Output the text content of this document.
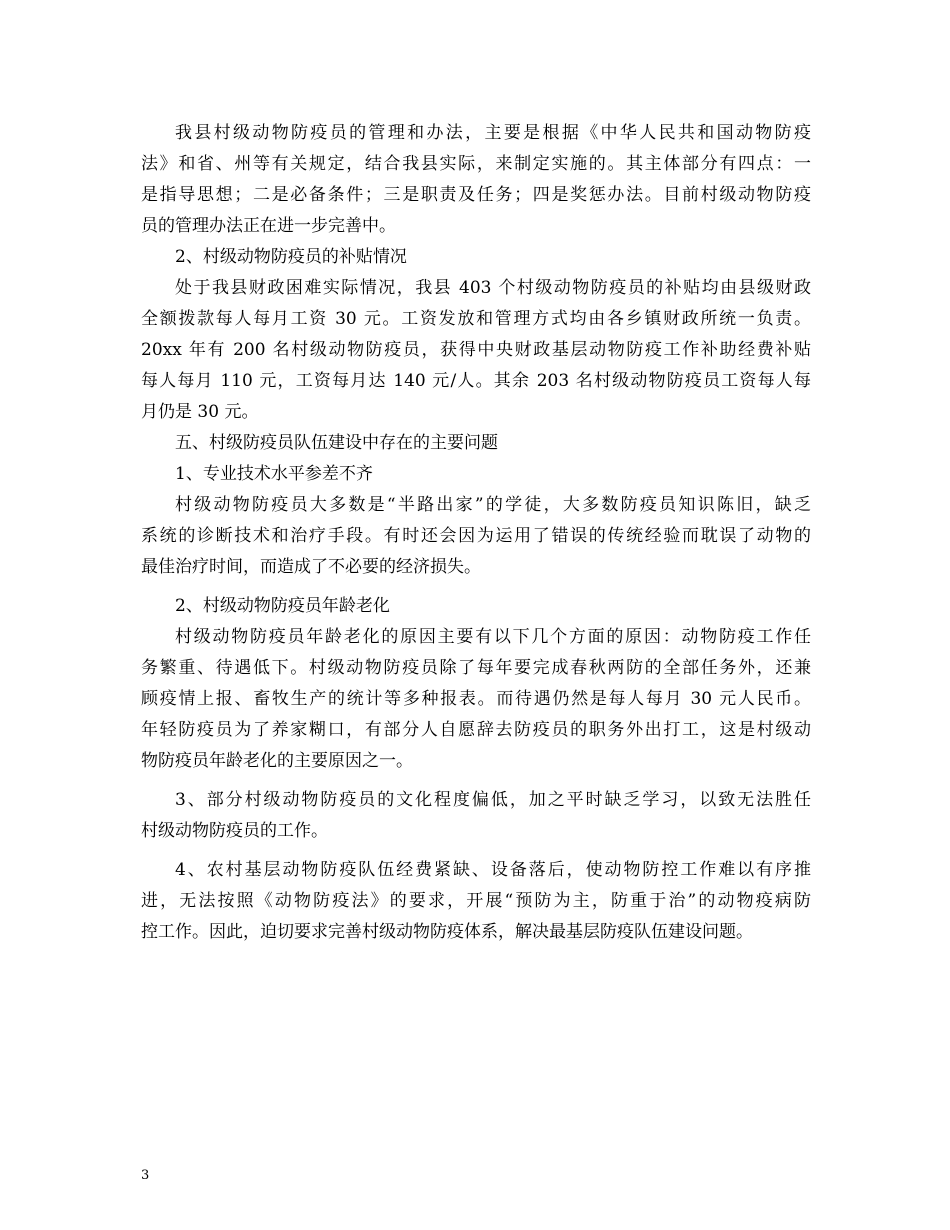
我县村级动物防疫员的管理和办法，主要是根据《中华人民共和国动物防疫
法》和省、州等有关规定，结合我县实际，来制定实施的。其主体部分有四点：一
是指导思想；二是必备条件；三是职责及任务；四是奖惩办法。目前村级动物防疫
员的管理办法正在进一步完善中。
2、村级动物防疫员的补贴情况
处于我县财政困难实际情况，我县 403 个村级动物防疫员的补贴均由县级财政
全额拨款每人每月工资 30 元。工资发放和管理方式均由各乡镇财政所统一负责。
20xx 年有 200 名村级动物防疫员，获得中央财政基层动物防疫工作补助经费补贴
每人每月 110 元，工资每月达 140 元/人。其余 203 名村级动物防疫员工资每人每
月仍是 30 元。
五、村级防疫员队伍建设中存在的主要问题
1、专业技术水平参差不齐
村级动物防疫员大多数是“半路出家”的学徒，大多数防疫员知识陈旧，缺乏
系统的诊断技术和治疗手段。有时还会因为运用了错误的传统经验而耽误了动物的
最佳治疗时间，而造成了不必要的经济损失。
2、村级动物防疫员年龄老化
村级动物防疫员年龄老化的原因主要有以下几个方面的原因：动物防疫工作任
务繁重、待遇低下。村级动物防疫员除了每年要完成春秋两防的全部任务外，还兼
顾疫情上报、畜牧生产的统计等多种报表。而待遇仍然是每人每月 30 元人民币。
年轻防疫员为了养家糊口，有部分人自愿辞去防疫员的职务外出打工，这是村级动
物防疫员年龄老化的主要原因之一。
3、部分村级动物防疫员的文化程度偏低，加之平时缺乏学习，以致无法胜任
村级动物防疫员的工作。
4、农村基层动物防疫队伍经费紧缺、设备落后，使动物防控工作难以有序推
进，无法按照《动物防疫法》的要求，开展“预防为主，防重于治”的动物疫病防
控工作。因此，迫切要求完善村级动物防疫体系，解决最基层防疫队伍建设问题。
3
